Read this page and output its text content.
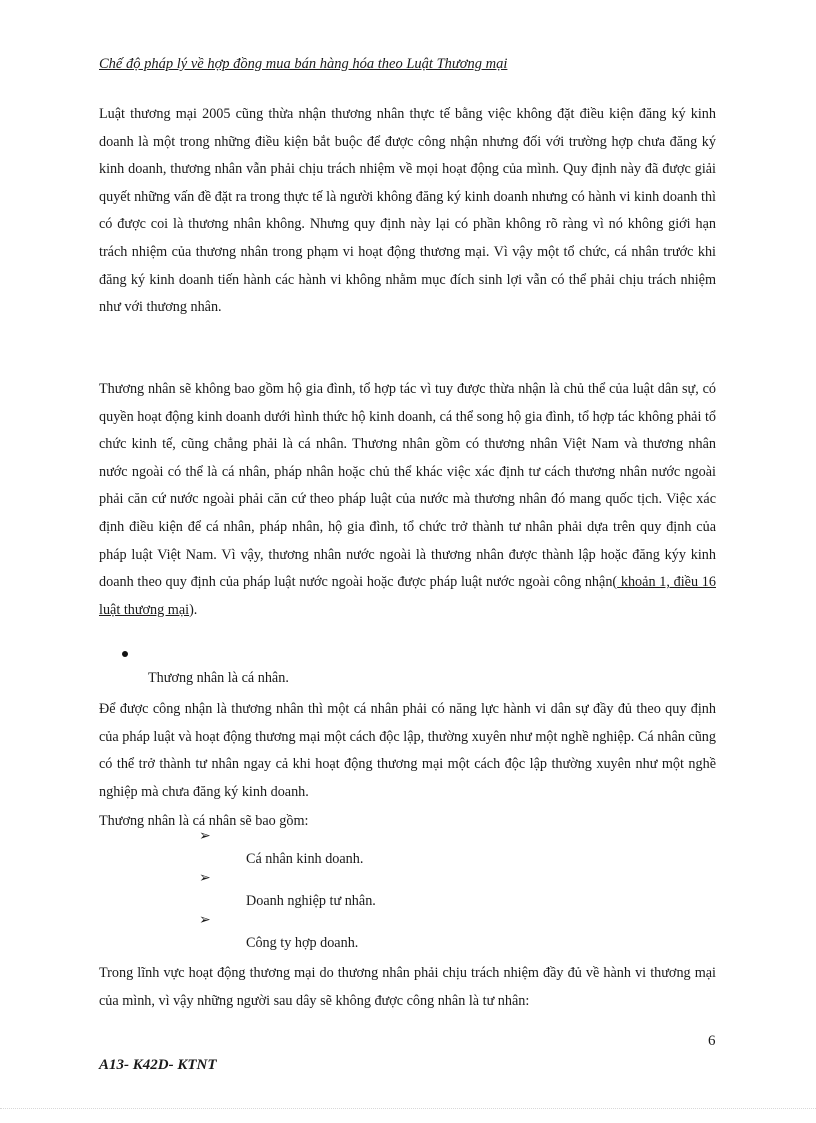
Chế độ pháp lý về hợp đồng mua bán hàng hóa theo Luật Thương mại
Luật thương mại 2005 cũng thừa nhận thương nhân thực tế bằng việc không đặt điều kiện đăng ký kinh doanh là một trong những điều kiện bắt buộc để được công nhận nhưng đối với trường hợp chưa đăng ký kinh doanh, thương nhân vẫn phải chịu trách nhiệm về mọi hoạt động của mình. Quy định này đã được giải quyết những vấn đề đặt ra trong thực tế là người không đăng ký kinh doanh nhưng có hành vi kinh doanh thì có được coi là thương nhân không. Nhưng quy định này lại có phần không rõ ràng vì nó không giới hạn trách nhiệm của thương nhân trong phạm vi hoạt động thương mại. Vì vậy một tổ chức, cá nhân trước khi đăng ký kinh doanh tiến hành các hành vi không nhằm mục đích sinh lợi vẫn có thể phải chịu trách nhiệm như với thương nhân.
Thương nhân sẽ không bao gồm hộ gia đình, tổ hợp tác vì tuy được thừa nhận là chủ thể của luật dân sự, có quyền hoạt động kinh doanh dưới hình thức hộ kinh doanh, cá thể song hộ gia đình, tổ hợp tác không phải tổ chức kinh tế, cũng chẳng phải là cá nhân. Thương nhân gồm có thương nhân Việt Nam và thương nhân nước ngoài có thể là cá nhân, pháp nhân hoặc chủ thể khác việc xác định tư cách thương nhân nước ngoài phải căn cứ nước ngoài phải căn cứ theo pháp luật của nước mà thương nhân đó mang quốc tịch. Việc xác định điều kiện để cá nhân, pháp nhân, hộ gia đình, tổ chức trở thành tư nhân phải dựa trên quy định của pháp luật Việt Nam. Vì vậy, thương nhân nước ngoài là thương nhân được thành lập hoặc đăng kýy kinh doanh theo quy định của pháp luật nước ngoài hoặc được pháp luật nước ngoài công nhận( khoản 1, điều 16 luật thương mại).
Thương nhân là cá nhân.
Để được công nhận là thương nhân thì một cá nhân phải có năng lực hành vi dân sự đầy đủ theo quy định của pháp luật và hoạt động thương mại một cách độc lập, thường xuyên như một nghề nghiệp. Cá nhân cũng có thể trở thành tư nhân ngay cả khi hoạt động thương mại một cách độc lập thường xuyên như một nghề nghiệp mà chưa đăng ký kinh doanh.
Thương nhân là cá nhân sẽ bao gồm:
➢
Cá nhân kinh doanh.
➢
Doanh nghiệp tư nhân.
➢
Công ty hợp doanh.
Trong lĩnh vực hoạt động thương mại do thương nhân phải chịu trách nhiệm đầy đủ về hành vi thương mại của mình, vì vậy những người sau dây sẽ không được công nhân là tư nhân:
6
A13- K42D- KTNT
